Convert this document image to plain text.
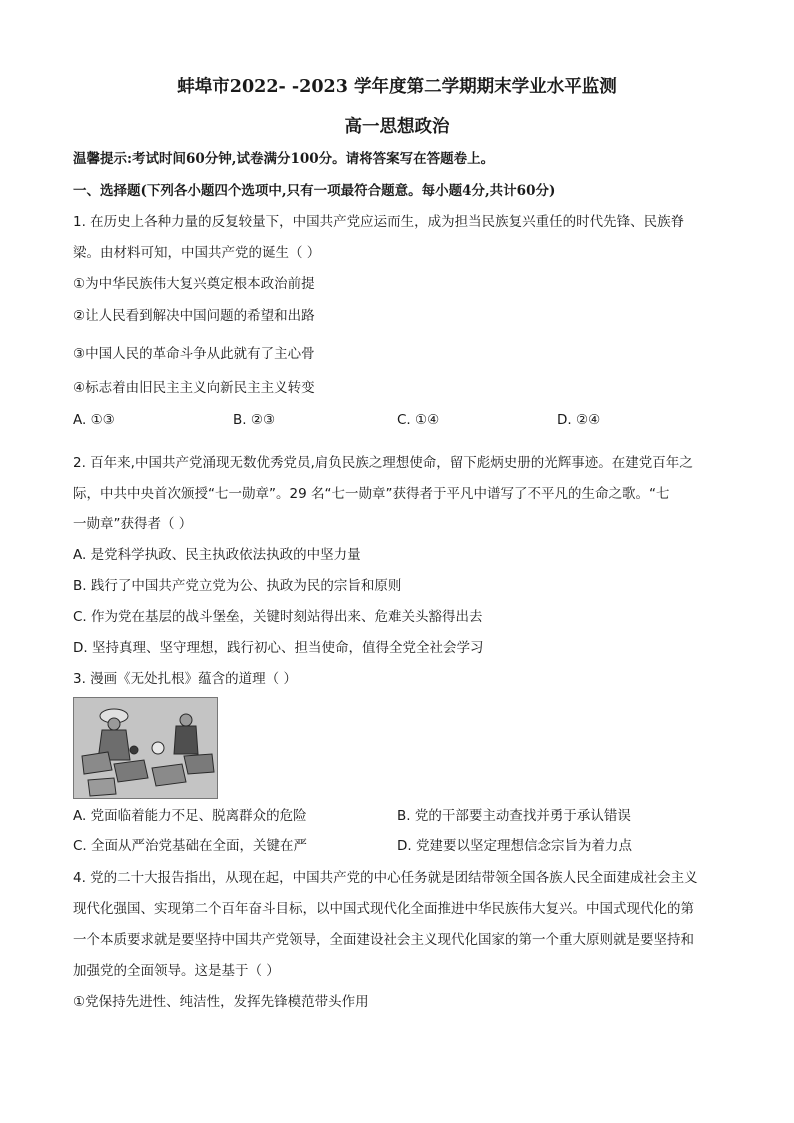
蚌埠市2022- -2023 学年度第二学期期末学业水平监测
高一思想政治
温馨提示:考试时间60分钟,试卷满分100分。请将答案写在答题卷上。
一、选择题(下列各小题四个选项中,只有一项最符合题意。每小题4分,共计60分)
1. 在历史上各种力量的反复较量下，中国共产党应运而生，成为担当民族复兴重任的时代先锋、民族脊
梁。由材料可知，中国共产党的诞生（ ）
①为中华民族伟大复兴奠定根本政治前提
②让人民看到解决中国问题的希望和出路
③中国人民的革命斗争从此就有了主心骨
④标志着由旧民主主义向新民主主义转变
A. ①③	B. ②③	C. ①④	D. ②④
2. 百年来,中国共产党涌现无数优秀党员,肩负民族之理想使命，留下彪炳史册的光辉事迹。在建党百年之
际，中共中央首次颁授“七一勋章”。29 名“七一勋章”获得者于平凡中谱写了不平凡的生命之歌。“七
一勋章”获得者（ ）
A. 是党科学执政、民主执政依法执政的中坚力量
B. 践行了中国共产党立党为公、执政为民的宗旨和原则
C. 作为党在基层的战斗堡垒，关键时刻站得出来、危难关头豁得出去
D. 坚持真理、坚守理想，践行初心、担当使命，值得全党全社会学习
3. 漫画《无处扎根》蕴含的道理（ ）
A. 党面临着能力不足、脱离群众的危险	B. 党的干部要主动查找并勇于承认错误
C. 全面从严治党基础在全面，关键在严	D. 党建要以坚定理想信念宗旨为着力点
4. 党的二十大报告指出，从现在起，中国共产党的中心任务就是团结带领全国各族人民全面建成社会主义
现代化强国、实现第二个百年奋斗目标，以中国式现代化全面推进中华民族伟大复兴。中国式现代化的第
一个本质要求就是要坚持中国共产党领导，全面建设社会主义现代化国家的第一个重大原则就是要坚持和
加强党的全面领导。这是基于（ ）
①党保持先进性、纯洁性，发挥先锋模范带头作用
